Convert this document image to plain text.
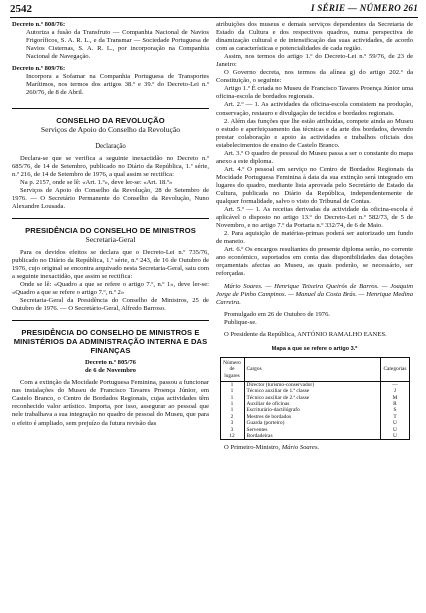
2542	I SÉRIE — NÚMERO 261

Decreto n.º 808/76:

Autoriza a fusão da Transfruto — Companhia Nacional de Navios Frigoríficos, S. A. R. L., e da Transmar — Sociedade Portuguesa de Navios Cisternas, S. A. R. L., por incorporação na Companhia Nacional de Navegação.

Decreto n.º 809/76:

Incorpora a Sofamar na Companhia Portuguesa de Transportes Marítimos, nos termos dos artigos 38.º e 39.º do Decreto-Lei n.º 260/76, de 8 de Abril.

CONSELHO DA REVOLUÇÃO

Serviços de Apoio do Conselho da Revolução

Declaração

Declara-se que se verifica a seguinte inexactidão no Decreto n.º 685/76, de 14 de Setembro, publicado no Diário da República, 1.ª série, n.º 216, de 14 de Setembro de 1976, a qual assim se rectifica:

Na p. 2157, onde se lê: «Art. 1.º», deve ler-se: «Art. 18.º»

Serviços de Apoio do Conselho da Revolução, 28 de Setembro de 1976. — O Secretário Permanente do Conselho da Revolução, Nuno Alexandre Lousada.

PRESIDÊNCIA DO CONSELHO DE MINISTROS

Secretaria-Geral

Para os devidos efeitos se declara que o Decreto-Lei n.º 735/76, publicado no Diário da República, 1.ª série, n.º 243, de 16 de Outubro de 1976, cujo original se encontra arquivado nesta Secretaria-Geral, saiu com a seguinte inexactidão, que assim se rectifica:

Onde se lê: «Quadro a que se refere o artigo 7.º, n.º 1», deve ler-se: «Quadro a que se refere o artigo 7.º, n.º 2»

Secretaria-Geral da Presidência do Conselho de Ministros, 25 de Outubro de 1976. — O Secretário-Geral, Alfredo Barroso.

PRESIDÊNCIA DO CONSELHO DE MINISTROS E MINISTÉRIOS DA ADMINISTRAÇÃO INTERNA E DAS FINANÇAS

Decreto n.º 805/76

de 6 de Novembro

Com a extinção da Mocidade Portuguesa Feminina, passou a funcionar nas instalações do Museu de Francisco Tavares Proença Júnior, em Castelo Branco, o Centro de Bordados Regionais, cujas actividades têm reconhecido valor artístico. Importa, por isso, assegurar ao pessoal que nele trabalhava a sua integração no quadro de pessoal do Museu, que para o efeito é ampliado, sem prejuízo da futura revisão das

atribuições dos museus e demais serviços dependentes da Secretaria de Estado da Cultura e dos respectivos quadros, numa perspectiva de dinamização cultural e de intensificação das suas actividades, de acordo com as características e potencialidades de cada região.

Assim, nos termos do artigo 1.º do Decreto-Lei n.º 59/76, de 23 de Janeiro:

O Governo decreta, nos termos da alínea g) do artigo 202.º da Constituição, o seguinte:

Artigo 1.º É criada no Museu de Francisco Tavares Proença Júnior uma oficina-escola de bordados regionais.

Art. 2.º — 1. As actividades da oficina-escola consistem na produção, conservação, restauro e divulgação de tecidos e bordados regionais.

2. Além das funções que lhe estão atribuídas, compete ainda ao Museu o estudo e aperfeiçoamento das técnicas e da arte dos bordados, devendo prestar colaboração e apoio às actividades e trabalhos oficiais dos estabelecimentos de ensino de Castelo Branco.

Art. 3.º O quadro de pessoal do Museu passa a ser o constante do mapa anexo a este diploma.

Art. 4.º O pessoal em serviço no Centro de Bordados Regionais da Mocidade Portuguesa Feminina à data da sua extinção será integrado em lugares do quadro, mediante lista aprovada pelo Secretário de Estado da Cultura, publicada no Diário da República, independentemente de qualquer formalidade, salvo o visto do Tribunal de Contas.

Art. 5.º — 1. As receitas derivadas da actividade da oficina-escola é aplicável o disposto no artigo 13.º do Decreto-Lei n.º 582/73, de 5 de Novembro, e no artigo 7.º da Portaria n.º 332/74, de 6 de Maio.

2. Para aquisição de matérias-primas poderá ser autorizado um fundo de maneio.

Art. 6.º Os encargos resultantes do presente diploma serão, no corrente ano económico, suportados em conta das disponibilidades das dotações orçamentais afectas ao Museu, as quais poderão, se necessário, ser reforçadas.

Mário Soares. — Henrique Teixeira Queirós de Barros. — Joaquim Jorge de Pinho Campinos. — Manuel da Costa Brás. — Henrique Medina Carreira.

Promulgado em 26 de Outubro de 1976.

Publique-se.

O Presidente da República, ANTÓNIO RAMALHO EANES.

Mapa a que se refere o artigo 3.º

Número de lugares	Cargos	Categorias
1	Director (turismo-conservador)	—
1	Técnico auxiliar de 1.ª classe	J
1	Técnico auxiliar de 2.ª classe	M
1	Auxiliar de oficinas	R
1	Escriturário-dactilógrafo	S
2	Mestres de bordados	T
3	Guarda (porteiro)	U
3	Serventes	U
12	Bordadeiras	U

O Primeiro-Ministro, Mário Soares.
